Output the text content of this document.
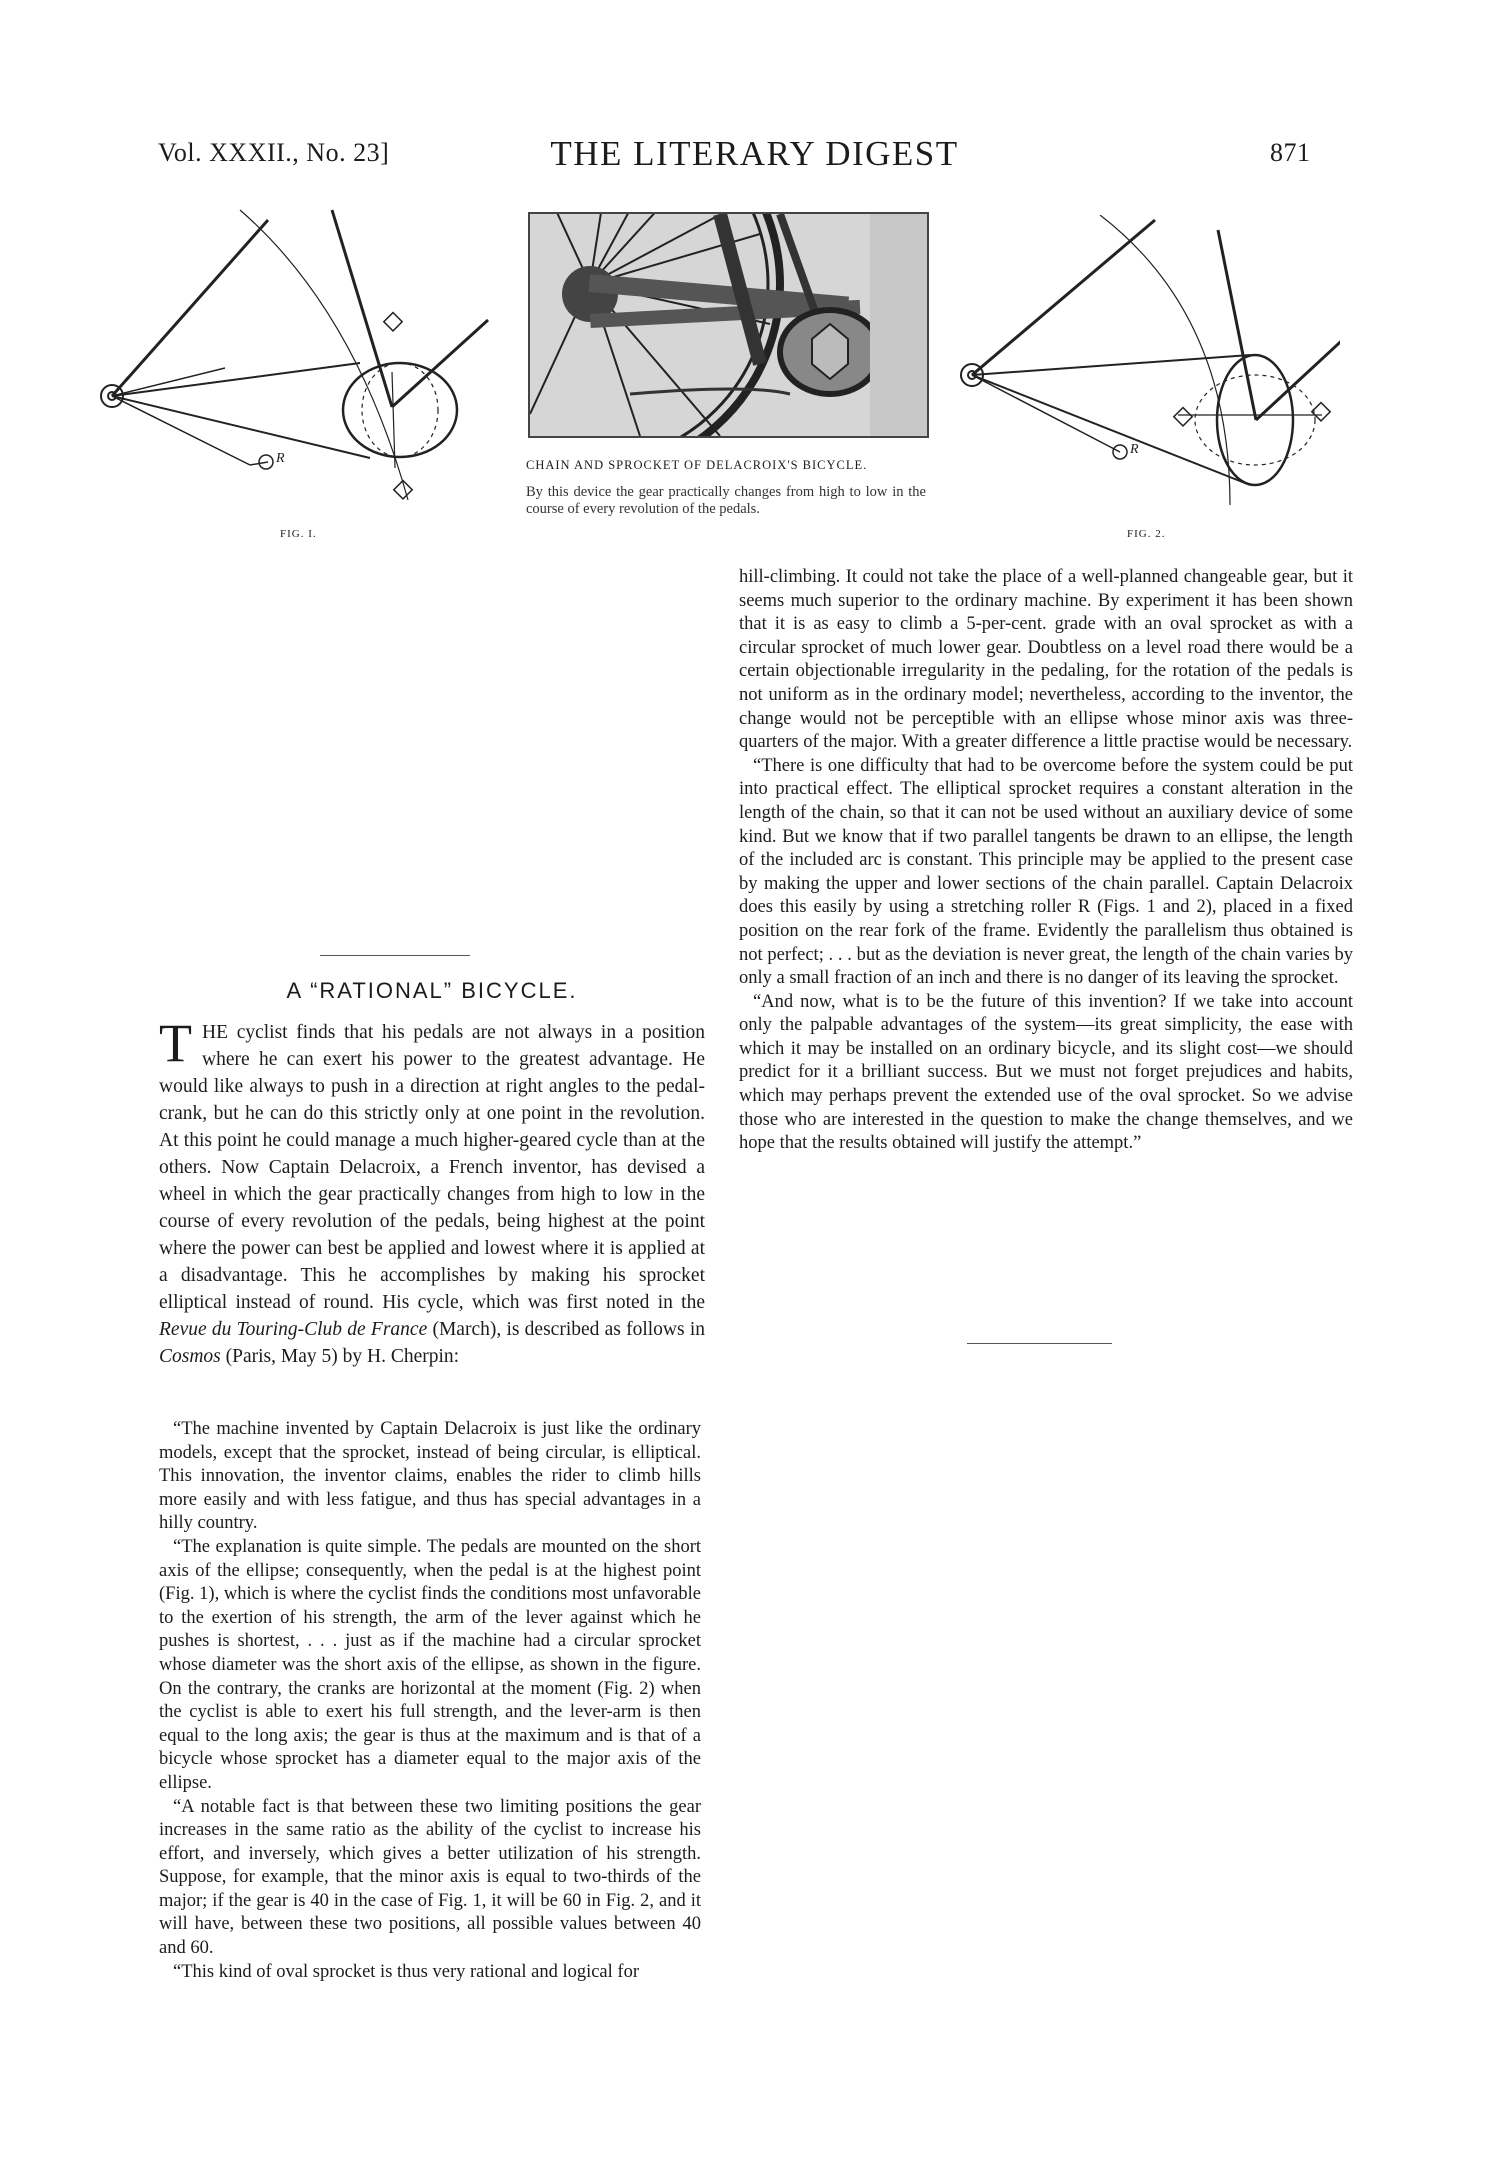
Vol. XXXII., No. 23]	THE LITERARY DIGEST	871
R
FIG. I.
CHAIN AND SPROCKET OF DELACROIX'S BICYCLE.
By this device the gear practically changes from high to low in the course of every revolution of the pedals.
R
FIG. 2.
A “RATIONAL” BICYCLE.
THE cyclist finds that his pedals are not always in a position where he can exert his power to the greatest advantage. He would like always to push in a direction at right angles to the pedal-crank, but he can do this strictly only at one point in the revolution. At this point he could manage a much higher-geared cycle than at the others. Now Captain Delacroix, a French inventor, has devised a wheel in which the gear practically changes from high to low in the course of every revolution of the pedals, being highest at the point where the power can best be applied and lowest where it is applied at a disadvantage. This he accomplishes by making his sprocket elliptical instead of round. His cycle, which was first noted in the Revue du Touring-Club de France (March), is described as follows in Cosmos (Paris, May 5) by H. Cherpin:

“The machine invented by Captain Delacroix is just like the ordinary models, except that the sprocket, instead of being circular, is elliptical. This innovation, the inventor claims, enables the rider to climb hills more easily and with less fatigue, and thus has special advantages in a hilly country.

“The explanation is quite simple. The pedals are mounted on the short axis of the ellipse; consequently, when the pedal is at the highest point (Fig. 1), which is where the cyclist finds the conditions most unfavorable to the exertion of his strength, the arm of the lever against which he pushes is shortest, . . . just as if the machine had a circular sprocket whose diameter was the short axis of the ellipse, as shown in the figure. On the contrary, the cranks are horizontal at the moment (Fig. 2) when the cyclist is able to exert his full strength, and the lever-arm is then equal to the long axis; the gear is thus at the maximum and is that of a bicycle whose sprocket has a diameter equal to the major axis of the ellipse.

“A notable fact is that between these two limiting positions the gear increases in the same ratio as the ability of the cyclist to increase his effort, and inversely, which gives a better utilization of his strength. Suppose, for example, that the minor axis is equal to two-thirds of the major; if the gear is 40 in the case of Fig. 1, it will be 60 in Fig. 2, and it will have, between these two positions, all possible values between 40 and 60.

“This kind of oval sprocket is thus very rational and logical for

hill-climbing. It could not take the place of a well-planned changeable gear, but it seems much superior to the ordinary machine. By experiment it has been shown that it is as easy to climb a 5-per-cent. grade with an oval sprocket as with a circular sprocket of much lower gear. Doubtless on a level road there would be a certain objectionable irregularity in the pedaling, for the rotation of the pedals is not uniform as in the ordinary model; nevertheless, according to the inventor, the change would not be perceptible with an ellipse whose minor axis was three-quarters of the major. With a greater difference a little practise would be necessary.

“There is one difficulty that had to be overcome before the system could be put into practical effect. The elliptical sprocket requires a constant alteration in the length of the chain, so that it can not be used without an auxiliary device of some kind. But we know that if two parallel tangents be drawn to an ellipse, the length of the included arc is constant. This principle may be applied to the present case by making the upper and lower sections of the chain parallel. Captain Delacroix does this easily by using a stretching roller R (Figs. 1 and 2), placed in a fixed position on the rear fork of the frame. Evidently the parallelism thus obtained is not perfect; . . . but as the deviation is never great, the length of the chain varies by only a small fraction of an inch and there is no danger of its leaving the sprocket.

“And now, what is to be the future of this invention? If we take into account only the palpable advantages of the system—its great simplicity, the ease with which it may be installed on an ordinary bicycle, and its slight cost—we should predict for it a brilliant success. But we must not forget prejudices and habits, which may perhaps prevent the extended use of the oval sprocket. So we advise those who are interested in the question to make the change themselves, and we hope that the results obtained will justify the attempt.”
